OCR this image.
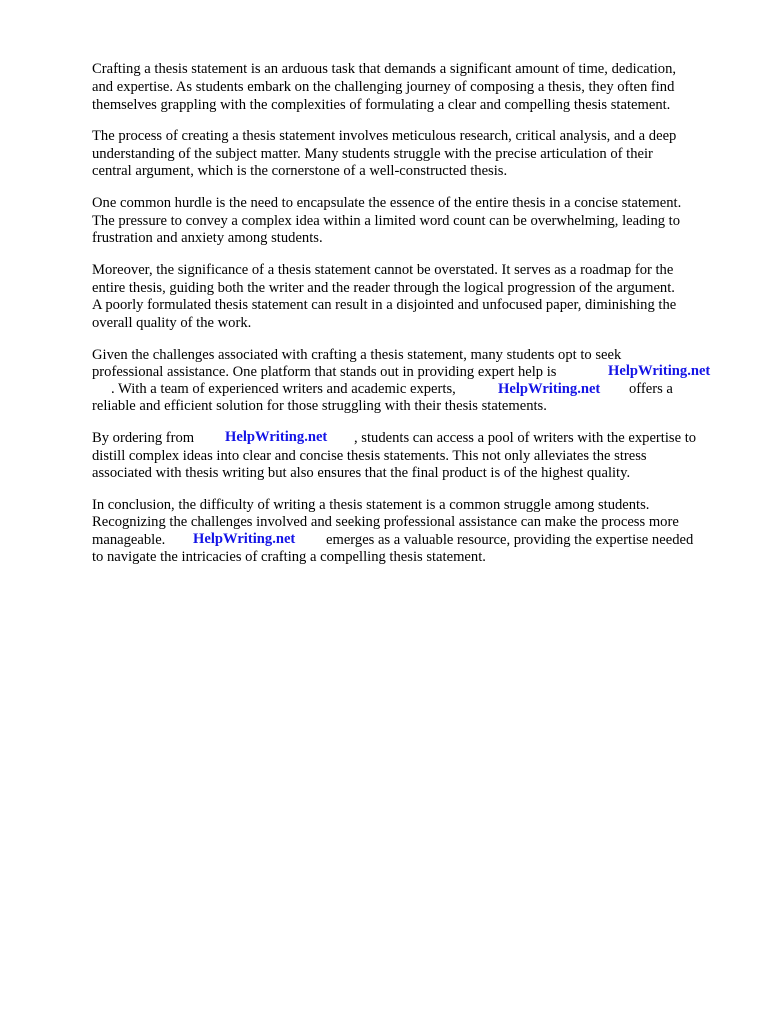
Crafting a thesis statement is an arduous task that demands a significant amount of time, dedication,

and expertise. As students embark on the challenging journey of composing a thesis, they often find

themselves grappling with the complexities of formulating a clear and compelling thesis statement.

The process of creating a thesis statement involves meticulous research, critical analysis, and a deep

understanding of the subject matter. Many students struggle with the precise articulation of their

central argument, which is the cornerstone of a well-constructed thesis.

One common hurdle is the need to encapsulate the essence of the entire thesis in a concise statement.

The pressure to convey a complex idea within a limited word count can be overwhelming, leading to

frustration and anxiety among students.

Moreover, the significance of a thesis statement cannot be overstated. It serves as a roadmap for the

entire thesis, guiding both the writer and the reader through the logical progression of the argument.

A poorly formulated thesis statement can result in a disjointed and unfocused paper, diminishing the

overall quality of the work.

Given the challenges associated with crafting a thesis statement, many students opt to seek

professional assistance. One platform that stands out in providing expert help is	HelpWriting.net

. With a team of experienced writers and academic experts,	HelpWriting.net offers a

reliable and efficient solution for those struggling with their thesis statements.

By ordering from HelpWriting.net , students can access a pool of writers with the expertise to

distill complex ideas into clear and concise thesis statements. This not only alleviates the stress

associated with thesis writing but also ensures that the final product is of the highest quality.

In conclusion, the difficulty of writing a thesis statement is a common struggle among students.

Recognizing the challenges involved and seeking professional assistance can make the process more

manageable. HelpWriting.net emerges as a valuable resource, providing the expertise needed

to navigate the intricacies of crafting a compelling thesis statement.
